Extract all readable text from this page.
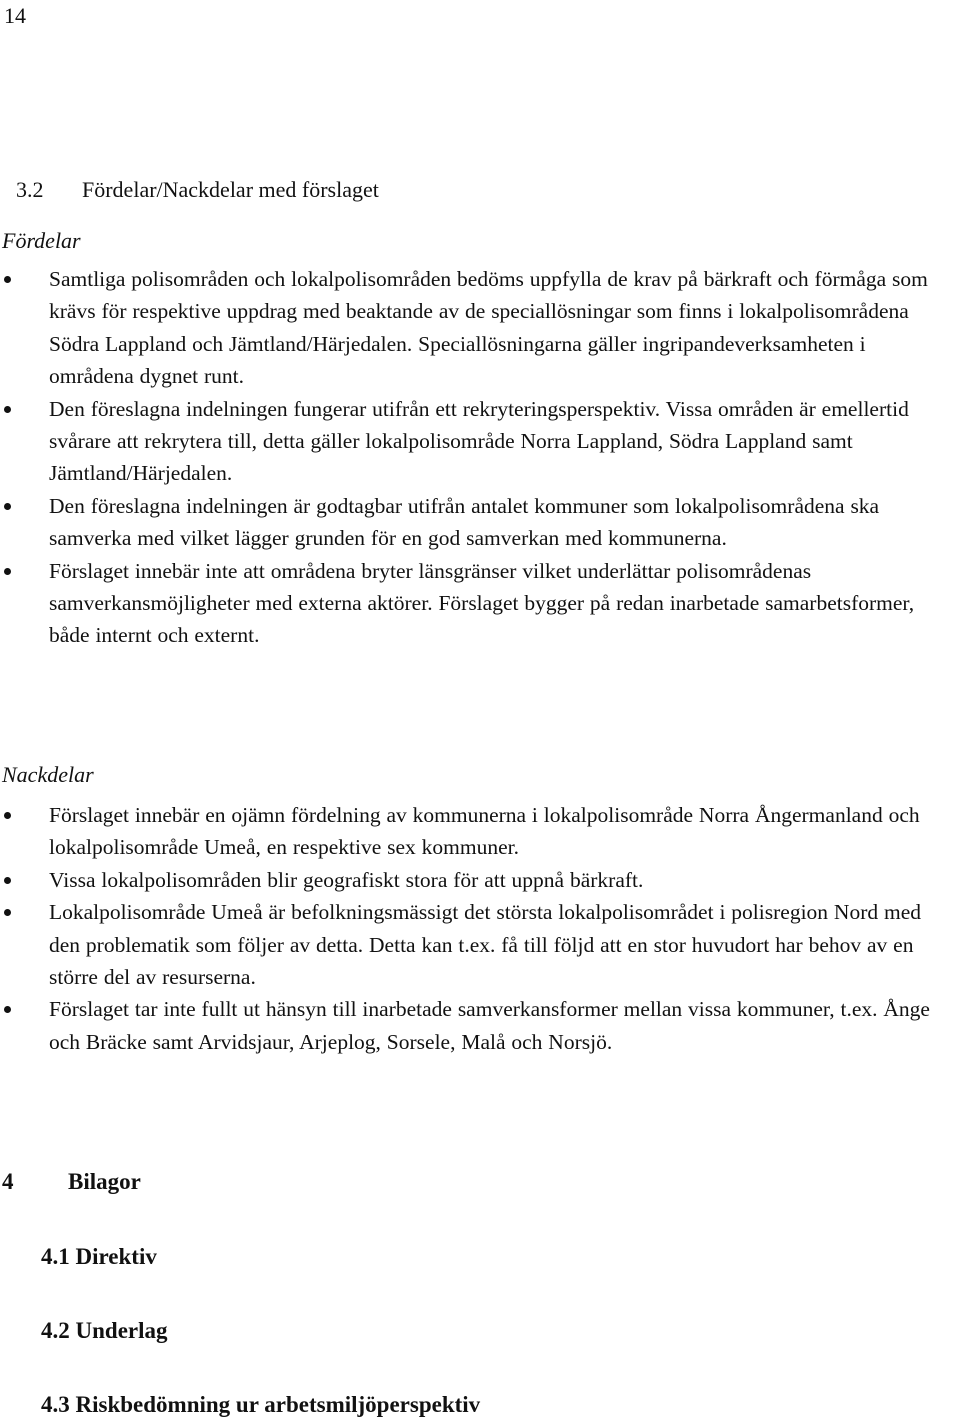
14
3.2 Fördelar/Nackdelar med förslaget
Fördelar
Samtliga polisområden och lokalpolisområden bedöms uppfylla de krav på bärkraft och förmåga som krävs för respektive uppdrag med beaktande av de speciallösningar som finns i lokalpolisområdena Södra Lappland och Jämtland/Härjedalen. Speciallösningarna gäller ingripandeverksamheten i områdena dygnet runt.
Den föreslagna indelningen fungerar utifrån ett rekryteringsperspektiv. Vissa områden är emellertid svårare att rekrytera till, detta gäller lokalpolisområde Norra Lappland, Södra Lappland samt Jämtland/Härjedalen.
Den föreslagna indelningen är godtagbar utifrån antalet kommuner som lokalpolisområdena ska samverka med vilket lägger grunden för en god samverkan med kommunerna.
Förslaget innebär inte att områdena bryter länsgränser vilket underlättar polisområdenas samverkansmöjligheter med externa aktörer. Förslaget bygger på redan inarbetade samarbetsformer, både internt och externt.
Nackdelar
Förslaget innebär en ojämn fördelning av kommunerna i lokalpolisområde Norra Ångermanland och lokalpolisområde Umeå, en respektive sex kommuner.
Vissa lokalpolisområden blir geografiskt stora för att uppnå bärkraft.
Lokalpolisområde Umeå är befolkningsmässigt det största lokalpolisområdet i polisregion Nord med den problematik som följer av detta. Detta kan t.ex. få till följd att en stor huvudort har behov av en större del av resurserna.
Förslaget tar inte fullt ut hänsyn till inarbetade samverkansformer mellan vissa kommuner, t.ex. Ånge och Bräcke samt Arvidsjaur, Arjeplog, Sorsele, Malå och Norsjö.
4 Bilagor
4.1 Direktiv
4.2 Underlag
4.3 Riskbedömning ur arbetsmiljöperspektiv
